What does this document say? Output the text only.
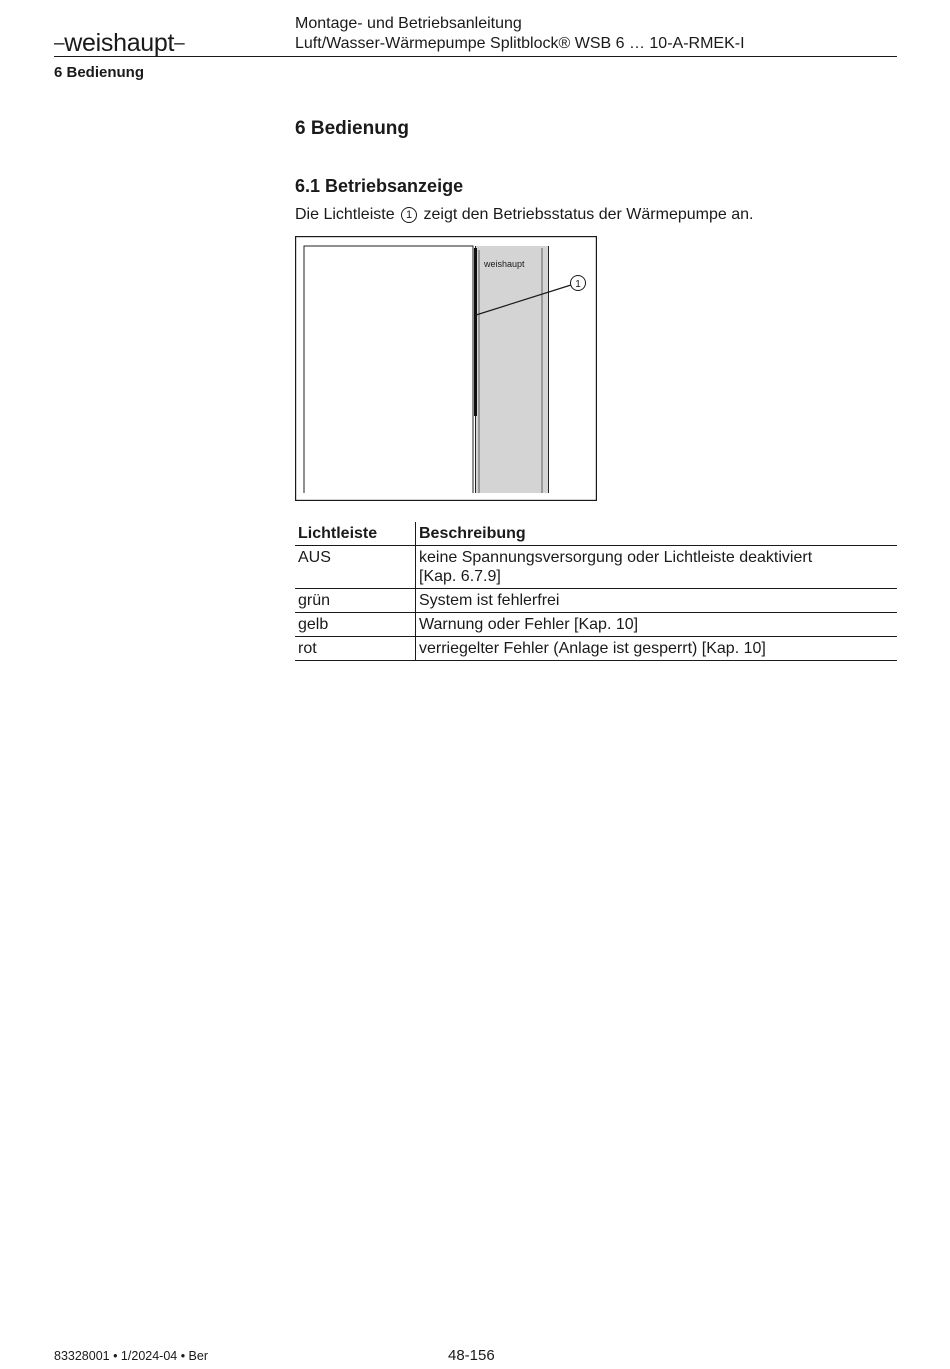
–weishaupt–
Montage- und Betriebsanleitung
Luft/Wasser-Wärmepumpe Splitblock® WSB 6 … 10-A-RMEK-I
6 Bedienung
6 Bedienung
6.1 Betriebsanzeige
Die Lichtleiste 1 zeigt den Betriebsstatus der Wärmepumpe an.
weishaupt
1
Lichtleiste	Beschreibung
AUS	keine Spannungsversorgung oder Lichtleiste deaktiviert
[Kap. 6.7.9]

grün	System ist fehlerfrei
gelb	Warnung oder Fehler [Kap. 10]
rot	verriegelter Fehler (Anlage ist gesperrt) [Kap. 10]
83328001 • 1/2024-04 • Ber	48-156
